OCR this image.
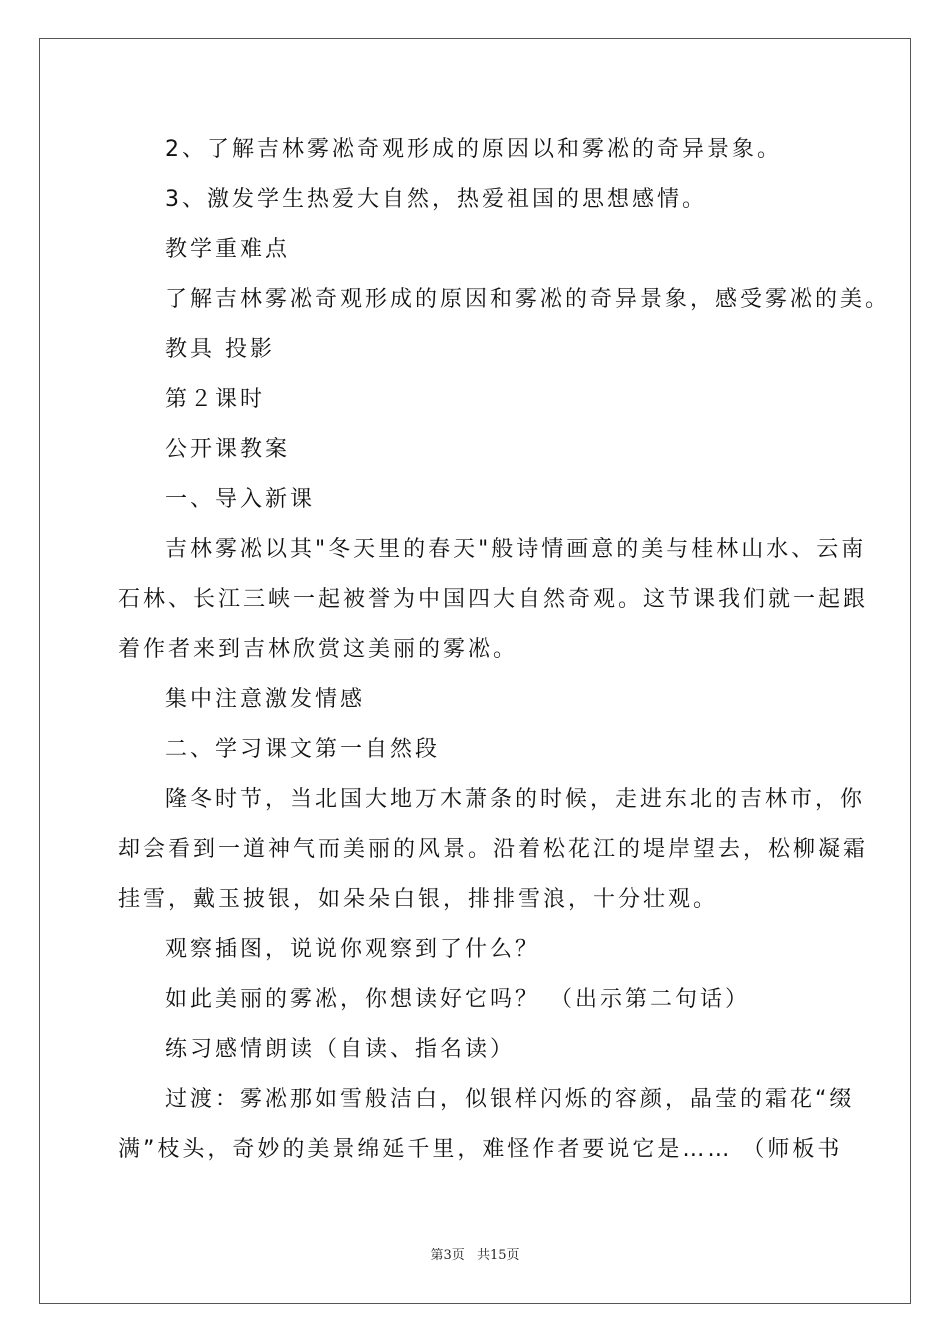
2、了解吉林雾凇奇观形成的原因以和雾凇的奇异景象。
3、激发学生热爱大自然，热爱祖国的思想感情。
教学重难点
了解吉林雾凇奇观形成的原因和雾凇的奇异景象，感受雾凇的美。
教具 投影
第２课时
公开课教案
一、导入新课
吉林雾凇以其"冬天里的春天"般诗情画意的美与桂林山水、云南
石林、长江三峡一起被誉为中国四大自然奇观。这节课我们就一起跟
着作者来到吉林欣赏这美丽的雾凇。
集中注意激发情感
二、学习课文第一自然段
隆冬时节，当北国大地万木萧条的时候，走进东北的吉林市，你
却会看到一道神气而美丽的风景。沿着松花江的堤岸望去，松柳凝霜
挂雪，戴玉披银，如朵朵白银，排排雪浪，十分壮观。
观察插图，说说你观察到了什么？
如此美丽的雾凇，你想读好它吗？ （出示第二句话）
练习感情朗读（自读、指名读）
过渡：雾凇那如雪般洁白，似银样闪烁的容颜，晶莹的霜花“缀
满”枝头，奇妙的美景绵延千里，难怪作者要说它是…… （师板书
第3页 共15页
